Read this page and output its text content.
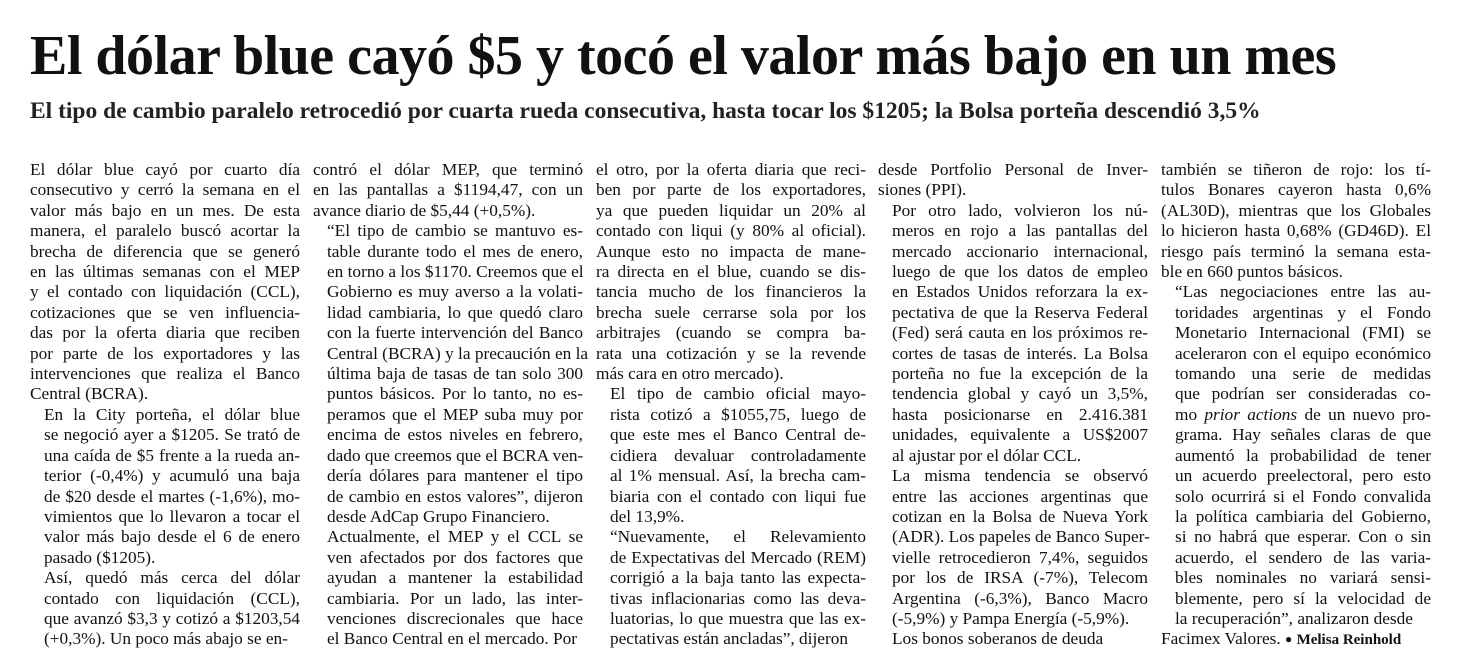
El dólar blue cayó $5 y tocó el valor más bajo en un mes
El tipo de cambio paralelo retrocedió por cuarta rueda consecutiva, hasta tocar los $1205; la Bolsa porteña descendió 3,5%

El dólar blue cayó por cuarto día
consecutivo y cerró la semana en el
valor más bajo en un mes. De esta
manera, el paralelo buscó acortar la
brecha de diferencia que se generó
en las últimas semanas con el MEP
y el contado con liquidación (CCL),
cotizaciones que se ven influencia-
das por la oferta diaria que reciben
por parte de los exportadores y las
intervenciones que realiza el Banco
Central (BCRA).

En la City porteña, el dólar blue
se negoció ayer a $1205. Se trató de
una caída de $5 frente a la rueda an-
terior (-0,4%) y acumuló una baja
de $20 desde el martes (-1,6%), mo-
vimientos que lo llevaron a tocar el
valor más bajo desde el 6 de enero
pasado ($1205).

Así, quedó más cerca del dólar
contado con liquidación (CCL),
que avanzó $3,3 y cotizó a $1203,54
(+0,3%). Un poco más abajo se en-

contró el dólar MEP, que terminó
en las pantallas a $1194,47, con un
avance diario de $5,44 (+0,5%).

“El tipo de cambio se mantuvo es-
table durante todo el mes de enero,
en torno a los $1170. Creemos que el
Gobierno es muy averso a la volati-
lidad cambiaria, lo que quedó claro
con la fuerte intervención del Banco
Central (BCRA) y la precaución en la
última baja de tasas de tan solo 300
puntos básicos. Por lo tanto, no es-
peramos que el MEP suba muy por
encima de estos niveles en febrero,
dado que creemos que el BCRA ven-
dería dólares para mantener el tipo
de cambio en estos valores”, dijeron
desde AdCap Grupo Financiero.

Actualmente, el MEP y el CCL se
ven afectados por dos factores que
ayudan a mantener la estabilidad
cambiaria. Por un lado, las inter-
venciones discrecionales que hace
el Banco Central en el mercado. Por

el otro, por la oferta diaria que reci-
ben por parte de los exportadores,
ya que pueden liquidar un 20% al
contado con liqui (y 80% al oficial).
Aunque esto no impacta de mane-
ra directa en el blue, cuando se dis-
tancia mucho de los financieros la
brecha suele cerrarse sola por los
arbitrajes (cuando se compra ba-
rata una cotización y se la revende
más cara en otro mercado).

El tipo de cambio oficial mayo-
rista cotizó a $1055,75, luego de
que este mes el Banco Central de-
cidiera devaluar controladamente
al 1% mensual. Así, la brecha cam-
biaria con el contado con liqui fue
del 13,9%.

“Nuevamente, el Relevamiento
de Expectativas del Mercado (REM)
corrigió a la baja tanto las expecta-
tivas inflacionarias como las deva-
luatorias, lo que muestra que las ex-
pectativas están ancladas”, dijeron

desde Portfolio Personal de Inver-
siones (PPI).

Por otro lado, volvieron los nú-
meros en rojo a las pantallas del
mercado accionario internacional,
luego de que los datos de empleo
en Estados Unidos reforzara la ex-
pectativa de que la Reserva Federal
(Fed) será cauta en los próximos re-
cortes de tasas de interés. La Bolsa
porteña no fue la excepción de la
tendencia global y cayó un 3,5%,
hasta posicionarse en 2.416.381
unidades, equivalente a US$2007
al ajustar por el dólar CCL.

La misma tendencia se observó
entre las acciones argentinas que
cotizan en la Bolsa de Nueva York
(ADR). Los papeles de Banco Super-
vielle retrocedieron 7,4%, seguidos
por los de IRSA (-7%), Telecom
Argentina (-6,3%), Banco Macro
(-5,9%) y Pampa Energía (-5,9%).

Los bonos soberanos de deuda

también se tiñeron de rojo: los tí-
tulos Bonares cayeron hasta 0,6%
(AL30D), mientras que los Globales
lo hicieron hasta 0,68% (GD46D). El
riesgo país terminó la semana esta-
ble en 660 puntos básicos.

“Las negociaciones entre las au-
toridades argentinas y el Fondo
Monetario Internacional (FMI) se
aceleraron con el equipo económico
tomando una serie de medidas
que podrían ser consideradas co-
mo prior actions de un nuevo pro-
grama. Hay señales claras de que
aumentó la probabilidad de tener
un acuerdo preelectoral, pero esto
solo ocurrirá si el Fondo convalida
la política cambiaria del Gobierno,
si no habrá que esperar. Con o sin
acuerdo, el sendero de las varia-
bles nominales no variará sensi-
blemente, pero sí la velocidad de
la recuperación”, analizaron desde

Facimex Valores. ● Melisa Reinhold
